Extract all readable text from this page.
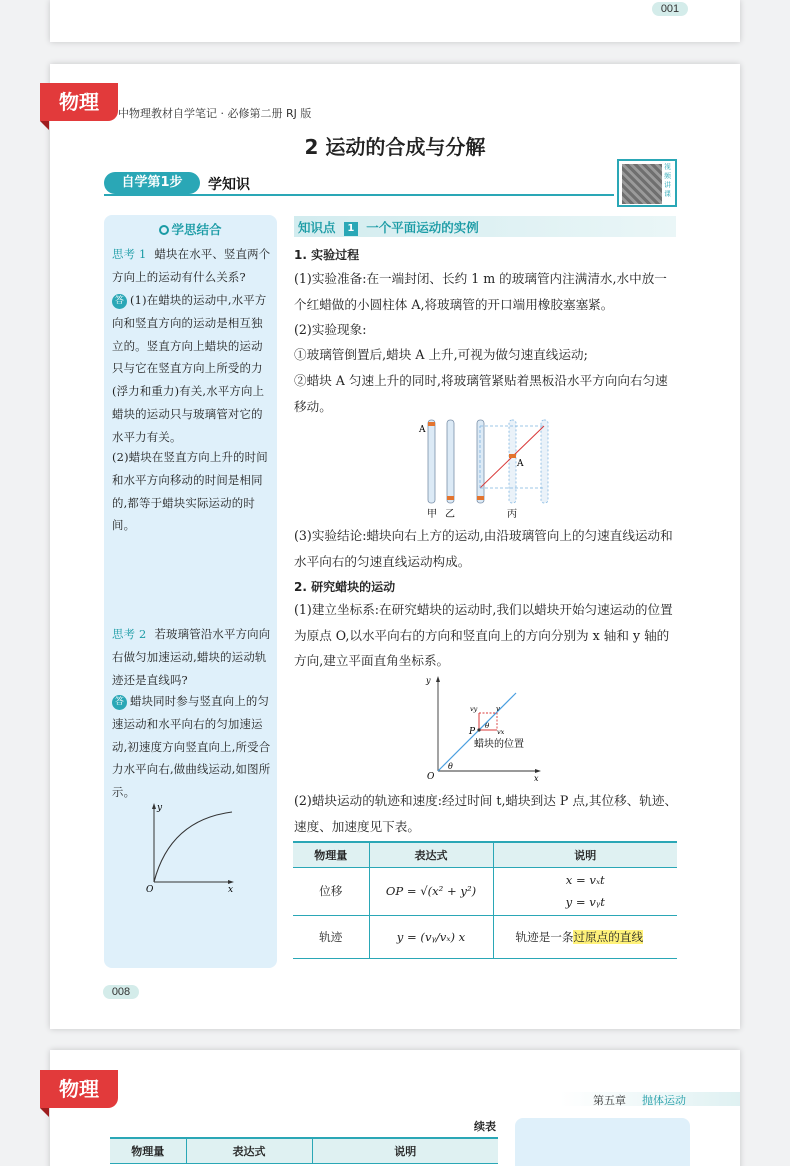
001
物理	中物理教材自学笔记 · 必修第二册 RJ 版
2 运动的合成与分解
自学第1步	学知识
视频讲课
学思结合
思考 1 蜡块在水平、竖直两个方向上的运动有什么关系?
答 (1)在蜡块的运动中,水平方向和竖直方向的运动是相互独立的。竖直方向上蜡块的运动只与它在竖直方向上所受的力(浮力和重力)有关,水平方向上蜡块的运动只与玻璃管对它的水平力有关。
(2)蜡块在竖直方向上升的时间和水平方向移动的时间是相同的,都等于蜡块实际运动的时间。
思考 2 若玻璃管沿水平方向向右做匀加速运动,蜡块的运动轨迹还是直线吗?
答 蜡块同时参与竖直向上的匀速运动和水平向右的匀加速运动,初速度方向竖直向上,所受合力水平向右,做曲线运动,如图所示。
y
x
O
知识点 1 一个平面运动的实例
1. 实验过程
(1)实验准备:在一端封闭、长约 1 m 的玻璃管内注满清水,水中放一个红蜡做的小圆柱体 A,将玻璃管的开口端用橡胶塞塞紧。
(2)实验现象:
①玻璃管倒置后,蜡块 A 上升,可视为做匀速直线运动;
②蜡块 A 匀速上升的同时,将玻璃管紧贴着黑板沿水平方向向右匀速移动。
A
A
甲 乙	丙
(3)实验结论:蜡块向右上方的运动,由沿玻璃管向上的匀速直线运动和水平向右的匀速直线运动构成。
2. 研究蜡块的运动
(1)建立坐标系:在研究蜡块的运动时,我们以蜡块开始匀速运动的位置为原点 O,以水平向右的方向和竖直向上的方向分别为 x 轴和 y 轴的方向,建立平面直角坐标系。
y
x
O
θ
θ
P
vy	v
vx
蜡块的位置
(2)蜡块运动的轨迹和速度:经过时间 t,蜡块到达 P 点,其位移、轨迹、速度、加速度见下表。
物理量	表达式	说明
位移	OP = √(x² + y²)	x = vₓt
y = vᵧt

轨迹	y = (vᵧ/vₓ) x	轨迹是一条过原点的直线
008
物理	第五章 抛体运动
续表
物理量	表达式	说明
